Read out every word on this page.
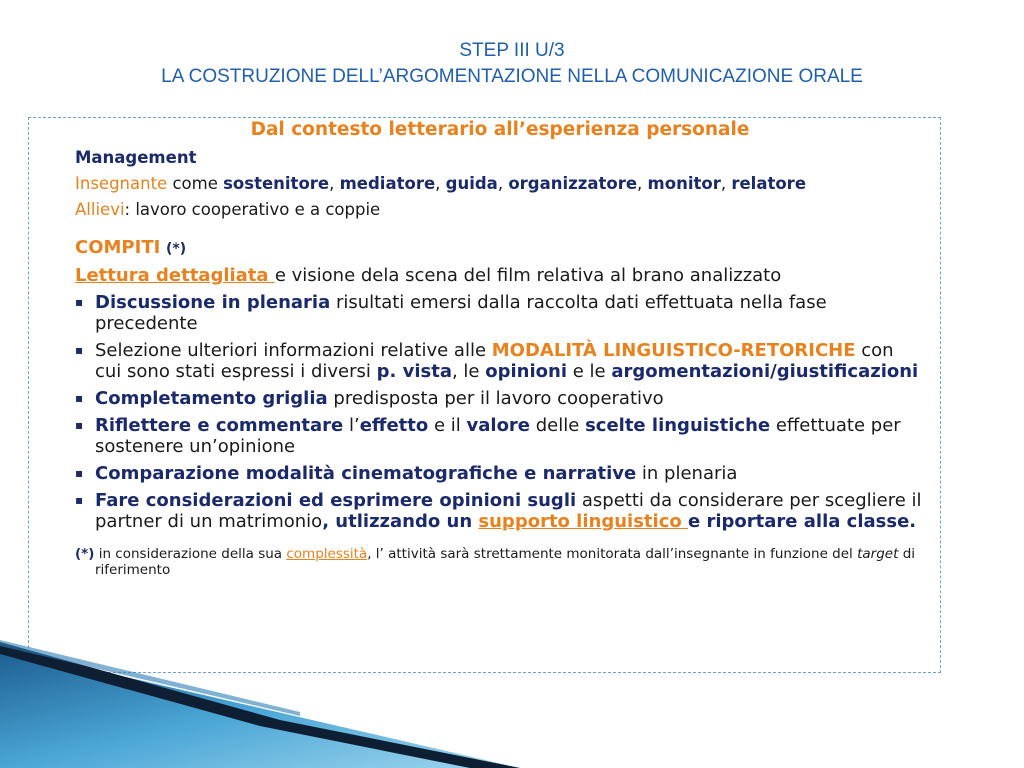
STEP III U/3
LA COSTRUZIONE DELL’ARGOMENTAZIONE NELLA COMUNICAZIONE ORALE
Dal contesto letterario all’esperienza personale
Management
Insegnante come sostenitore, mediatore, guida, organizzatore, monitor, relatore
Allievi: lavoro cooperativo e a coppie
COMPITI (*)
Lettura dettagliata e visione dela scena del film relativa al brano analizzato
▪ Discussione in plenaria risultati emersi dalla raccolta dati effettuata nella fase precedente
▪ Selezione ulteriori informazioni relative alle MODALITÀ LINGUISTICO-RETORICHE con cui sono stati espressi i diversi p. vista, le opinioni e le argomentazioni/giustificazioni
▪ Completamento griglia predisposta per il lavoro cooperativo
▪ Riflettere e commentare l’effetto e il valore delle scelte linguistiche effettuate per sostenere un’opinione
▪ Comparazione modalità cinematografiche e narrative in plenaria
▪ Fare considerazioni ed esprimere opinioni sugli aspetti da considerare per scegliere il partner di un matrimonio, utlizzando un supporto linguistico e riportare alla classe.
(*) in considerazione della sua complessità, l’ attività sarà strettamente monitorata dall’insegnante in funzione del target di riferimento
